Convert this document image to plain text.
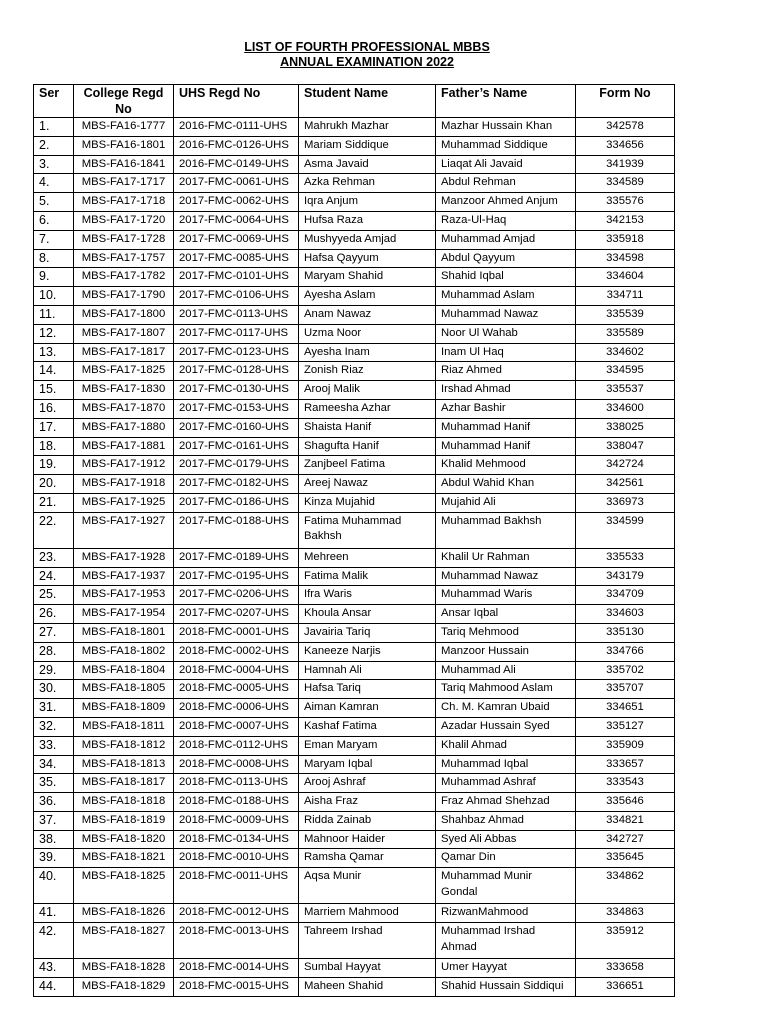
LIST OF FOURTH PROFESSIONAL MBBS
ANNUAL EXAMINATION 2022
Ser	College Regd No	UHS Regd No	Student Name	Father’s Name	Form No
1.	MBS-FA16-1777	2016-FMC-0111-UHS	Mahrukh Mazhar	Mazhar Hussain Khan	342578
2.	MBS-FA16-1801	2016-FMC-0126-UHS	Mariam Siddique	Muhammad Siddique	334656
3.	MBS-FA16-1841	2016-FMC-0149-UHS	Asma Javaid	Liaqat Ali Javaid	341939
4.	MBS-FA17-1717	2017-FMC-0061-UHS	Azka Rehman	Abdul Rehman	334589
5.	MBS-FA17-1718	2017-FMC-0062-UHS	Iqra Anjum	Manzoor Ahmed Anjum	335576
6.	MBS-FA17-1720	2017-FMC-0064-UHS	Hufsa Raza	Raza-Ul-Haq	342153
7.	MBS-FA17-1728	2017-FMC-0069-UHS	Mushyyeda Amjad	Muhammad Amjad	335918
8.	MBS-FA17-1757	2017-FMC-0085-UHS	Hafsa Qayyum	Abdul Qayyum	334598
9.	MBS-FA17-1782	2017-FMC-0101-UHS	Maryam Shahid	Shahid Iqbal	334604
10.	MBS-FA17-1790	2017-FMC-0106-UHS	Ayesha Aslam	Muhammad Aslam	334711
11.	MBS-FA17-1800	2017-FMC-0113-UHS	Anam Nawaz	Muhammad Nawaz	335539
12.	MBS-FA17-1807	2017-FMC-0117-UHS	Uzma Noor	Noor Ul Wahab	335589
13.	MBS-FA17-1817	2017-FMC-0123-UHS	Ayesha Inam	Inam Ul Haq	334602
14.	MBS-FA17-1825	2017-FMC-0128-UHS	Zonish Riaz	Riaz Ahmed	334595
15.	MBS-FA17-1830	2017-FMC-0130-UHS	Arooj Malik	Irshad Ahmad	335537
16.	MBS-FA17-1870	2017-FMC-0153-UHS	Rameesha Azhar	Azhar Bashir	334600
17.	MBS-FA17-1880	2017-FMC-0160-UHS	Shaista Hanif	Muhammad Hanif	338025
18.	MBS-FA17-1881	2017-FMC-0161-UHS	Shagufta Hanif	Muhammad Hanif	338047
19.	MBS-FA17-1912	2017-FMC-0179-UHS	Zanjbeel Fatima	Khalid Mehmood	342724
20.	MBS-FA17-1918	2017-FMC-0182-UHS	Areej Nawaz	Abdul Wahid Khan	342561
21.	MBS-FA17-1925	2017-FMC-0186-UHS	Kinza Mujahid	Mujahid Ali	336973
22.	MBS-FA17-1927	2017-FMC-0188-UHS	Fatima Muhammad Bakhsh	Muhammad Bakhsh	334599
23.	MBS-FA17-1928	2017-FMC-0189-UHS	Mehreen	Khalil Ur Rahman	335533
24.	MBS-FA17-1937	2017-FMC-0195-UHS	Fatima Malik	Muhammad Nawaz	343179
25.	MBS-FA17-1953	2017-FMC-0206-UHS	Ifra Waris	Muhammad Waris	334709
26.	MBS-FA17-1954	2017-FMC-0207-UHS	Khoula Ansar	Ansar Iqbal	334603
27.	MBS-FA18-1801	2018-FMC-0001-UHS	Javairia Tariq	Tariq Mehmood	335130
28.	MBS-FA18-1802	2018-FMC-0002-UHS	Kaneeze Narjis	Manzoor Hussain	334766
29.	MBS-FA18-1804	2018-FMC-0004-UHS	Hamnah Ali	Muhammad Ali	335702
30.	MBS-FA18-1805	2018-FMC-0005-UHS	Hafsa Tariq	Tariq Mahmood Aslam	335707
31.	MBS-FA18-1809	2018-FMC-0006-UHS	Aiman Kamran	Ch. M. Kamran Ubaid	334651
32.	MBS-FA18-1811	2018-FMC-0007-UHS	Kashaf Fatima	Azadar Hussain Syed	335127
33.	MBS-FA18-1812	2018-FMC-0112-UHS	Eman Maryam	Khalil Ahmad	335909
34.	MBS-FA18-1813	2018-FMC-0008-UHS	Maryam Iqbal	Muhammad Iqbal	333657
35.	MBS-FA18-1817	2018-FMC-0113-UHS	Arooj Ashraf	Muhammad Ashraf	333543
36.	MBS-FA18-1818	2018-FMC-0188-UHS	Aisha Fraz	Fraz Ahmad Shehzad	335646
37.	MBS-FA18-1819	2018-FMC-0009-UHS	Ridda Zainab	Shahbaz Ahmad	334821
38.	MBS-FA18-1820	2018-FMC-0134-UHS	Mahnoor Haider	Syed Ali Abbas	342727
39.	MBS-FA18-1821	2018-FMC-0010-UHS	Ramsha Qamar	Qamar Din	335645
40.	MBS-FA18-1825	2018-FMC-0011-UHS	Aqsa Munir	Muhammad Munir Gondal	334862
41.	MBS-FA18-1826	2018-FMC-0012-UHS	Marriem Mahmood	RizwanMahmood	334863
42.	MBS-FA18-1827	2018-FMC-0013-UHS	Tahreem Irshad	Muhammad Irshad Ahmad	335912
43.	MBS-FA18-1828	2018-FMC-0014-UHS	Sumbal Hayyat	Umer Hayyat	333658
44.	MBS-FA18-1829	2018-FMC-0015-UHS	Maheen Shahid	Shahid Hussain Siddiqui	336651
